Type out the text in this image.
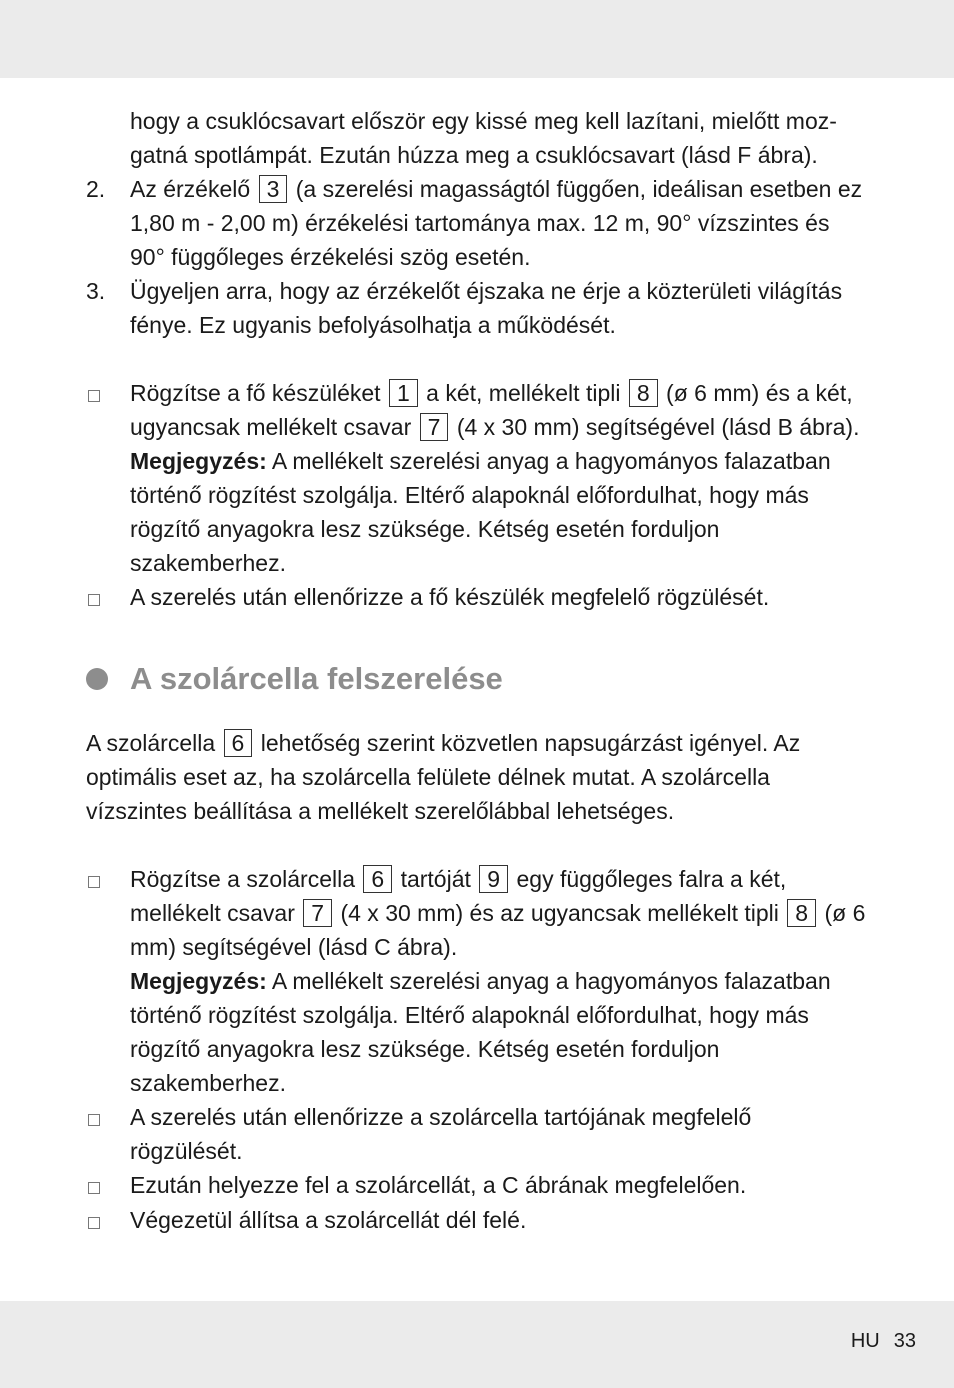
hogy a csuklócsavart először egy kissé meg kell lazítani, mielőtt moz-
gatná spotlámpát. Ezután húzza meg a csuklócsavart (lásd F ábra).
2.	Az érzékelő 3 (a szerelési magasságtól függően, ideálisan esetben ez 1,80 m - 2,00 m) érzékelési tartománya max. 12 m, 90° vízszintes és 90° függőleges érzékelési szög esetén.
3.	Ügyeljen arra, hogy az érzékelőt éjszaka ne érje a közterületi világítás fénye. Ez ugyanis befolyásolhatja a működését.
Rögzítse a fő készüléket 1 a két, mellékelt tipli 8 (ø 6 mm) és a két, ugyancsak mellékelt csavar 7 (4 x 30 mm) segítségével (lásd B ábra).
Megjegyzés: A mellékelt szerelési anyag a hagyományos falazatban történő rögzítést szolgálja. Eltérő alapoknál előfordulhat, hogy más rögzítő anyagokra lesz szüksége. Kétség esetén forduljon szakemberhez.
A szerelés után ellenőrizze a fő készülék megfelelő rögzülését.
A szolárcella felszerelése
A szolárcella 6 lehetőség szerint közvetlen napsugárzást igényel. Az optimális eset az, ha szolárcella felülete délnek mutat. A szolárcella vízszintes beállítása a mellékelt szerelőlábbal lehetséges.
Rögzítse a szolárcella 6 tartóját 9 egy függőleges falra a két, mellékelt csavar 7 (4 x 30 mm) és az ugyancsak mellékelt tipli 8 (ø 6 mm) segítségével (lásd C ábra).
Megjegyzés: A mellékelt szerelési anyag a hagyományos falazatban történő rögzítést szolgálja. Eltérő alapoknál előfordulhat, hogy más rögzítő anyagokra lesz szüksége. Kétség esetén forduljon szakemberhez.
A szerelés után ellenőrizze a szolárcella tartójának megfelelő rögzülését.
Ezután helyezze fel a szolárcellát, a C ábrának megfelelően.
Végezetül állítsa a szolárcellát dél felé.
HU 33
